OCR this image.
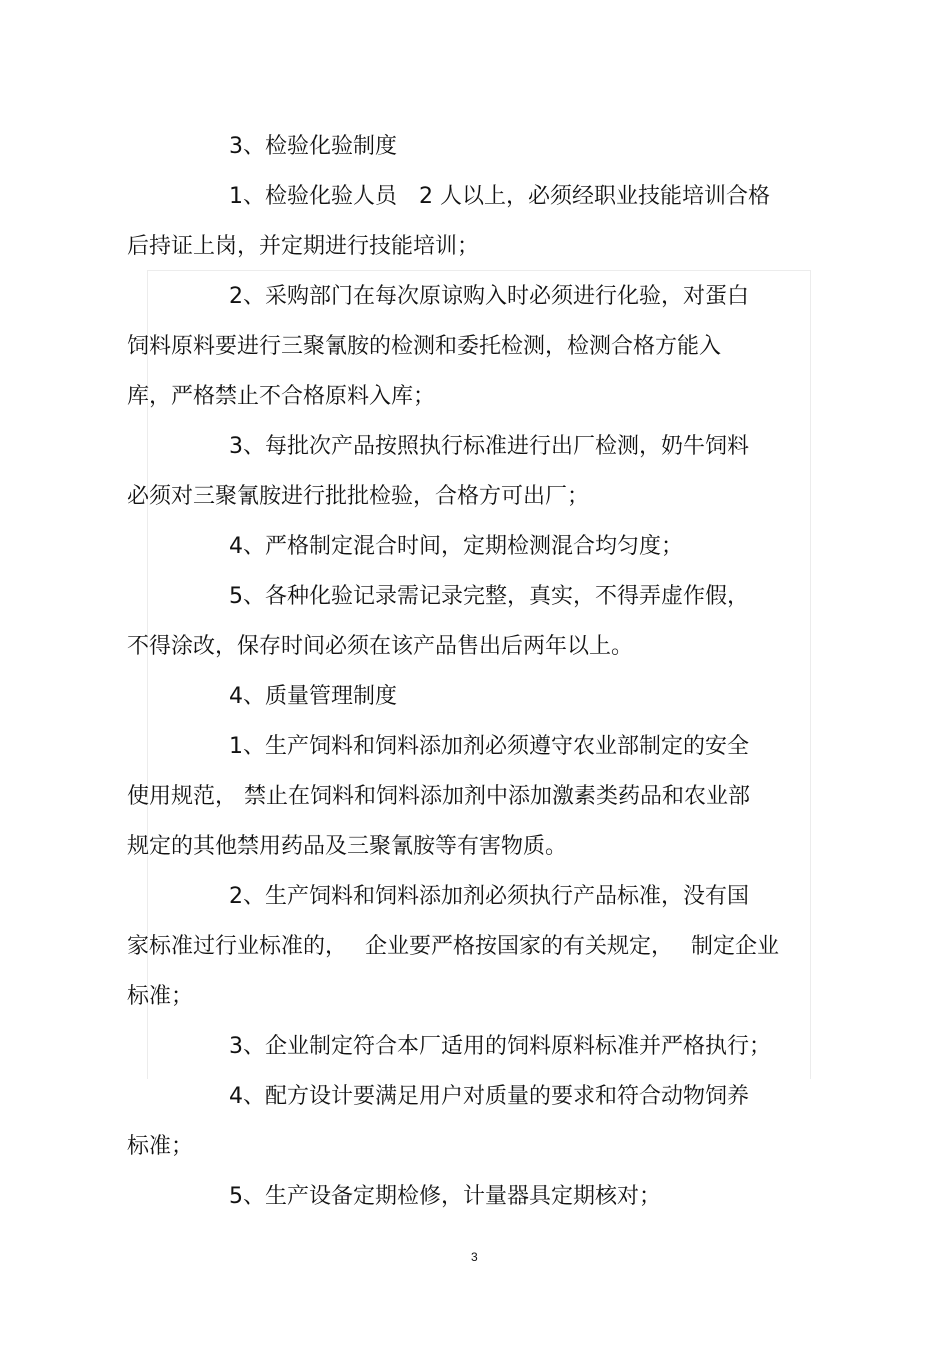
3、检验化验制度
1、检验化验人员　2 人以上，必须经职业技能培训合格
后持证上岗，并定期进行技能培训；
2、采购部门在每次原谅购入时必须进行化验，对蛋白
饲料原料要进行三聚氰胺的检测和委托检测，检测合格方能入
库，严格禁止不合格原料入库；
3、每批次产品按照执行标准进行出厂检测，奶牛饲料
必须对三聚氰胺进行批批检验，合格方可出厂；
4、严格制定混合时间，定期检测混合均匀度；
5、各种化验记录需记录完整，真实，不得弄虚作假，
不得涂改，保存时间必须在该产品售出后两年以上。
4、质量管理制度
1、生产饲料和饲料添加剂必须遵守农业部制定的安全
使用规范， 禁止在饲料和饲料添加剂中添加激素类药品和农业部
规定的其他禁用药品及三聚氰胺等有害物质。
2、生产饲料和饲料添加剂必须执行产品标准，没有国
家标准过行业标准的，　 企业要严格按国家的有关规定，　 制定企业
标准；
3、企业制定符合本厂适用的饲料原料标准并严格执行；
4、配方设计要满足用户对质量的要求和符合动物饲养
标准；
5、生产设备定期检修，计量器具定期核对；
3
